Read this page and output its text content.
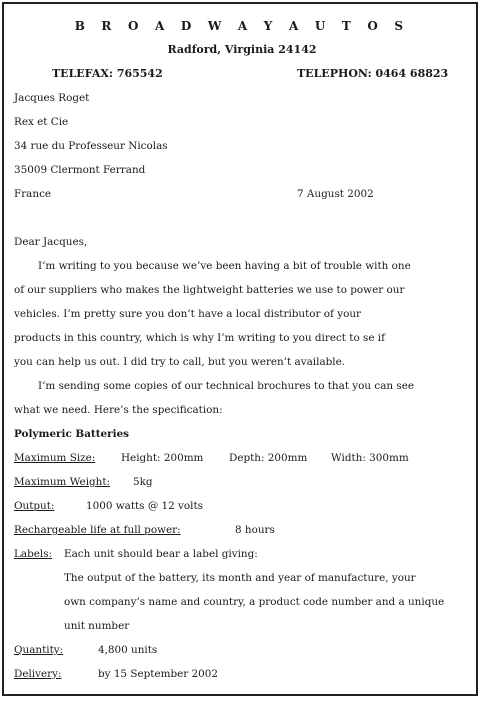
B R O A D W A Y A U T O S
Radford, Virginia 24142
TELEFAX: 765542	TELEPHON: 0464 68823
Jacques Roget
Rex et Cie
34 rue du Professeur Nicolas
35009 Clermont Ferrand
France	7 August 2002
Dear Jacques,
I’m writing to you because we’ve been having a bit of trouble with one
of our suppliers who makes the lightweight batteries we use to power our
vehicles. I’m pretty sure you don’t have a local distributor of your
products in this country, which is why I’m writing to you direct to se if
you can help us out. I did try to call, but you weren’t available.
I’m sending some copies of our technical brochures to that you can see
what we need. Here’s the specification:
Polymeric Batteries
Maximum Size: Height: 200mm Depth: 200mm Width: 300mm
Maximum Weight: 5kg
Output:	1000 watts @ 12 volts
Rechargeable life at full power:	8 hours
Labels: Each unit should bear a label giving:
The output of the battery, its month and year of manufacture, your
own company’s name and country, a product code number and a unique
unit number
Quantity:	4,800 units
Delivery:	by 15 September 2002
